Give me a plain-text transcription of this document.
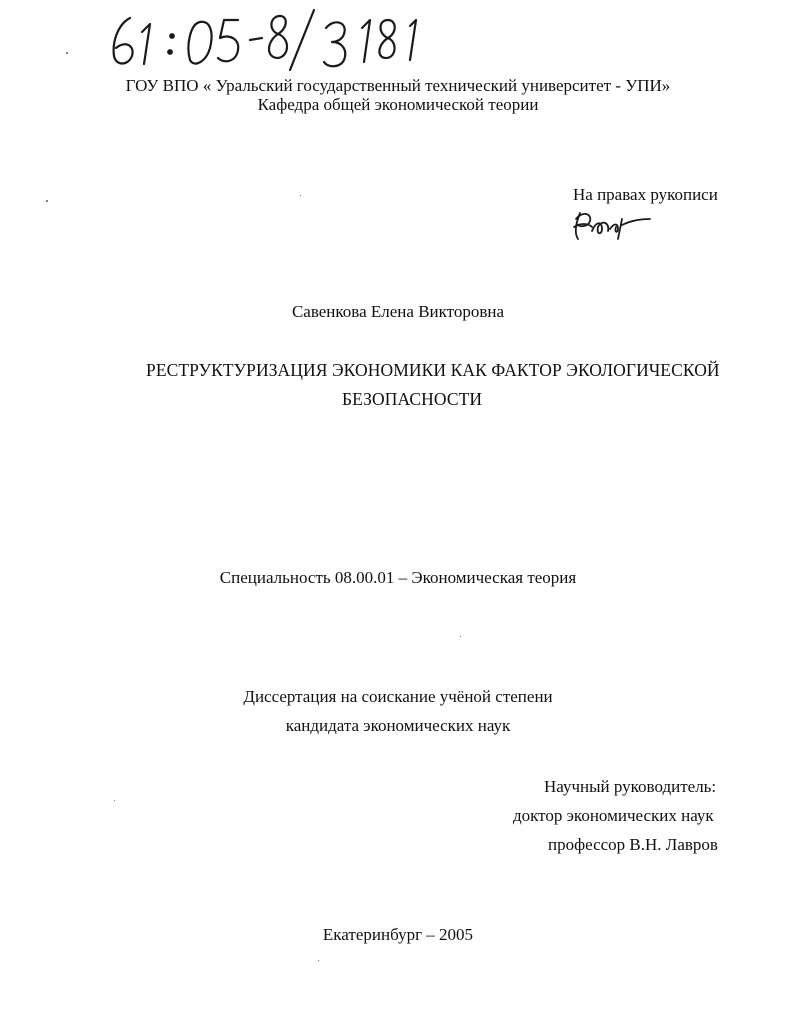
ГОУ ВПО « Уральский государственный технический университет - УПИ»
Кафедра общей экономической теории
На правах рукописи
Савенкова Елена Викторовна
РЕСТРУКТУРИЗАЦИЯ ЭКОНОМИКИ КАК ФАКТОР ЭКОЛОГИЧЕСКОЙ
БЕЗОПАСНОСТИ
Специальность 08.00.01 – Экономическая теория
Диссертация на соискание учёной степени
кандидата экономических наук
Научный руководитель:
доктор экономических наук
профессор В.Н. Лавров
Екатеринбург – 2005
